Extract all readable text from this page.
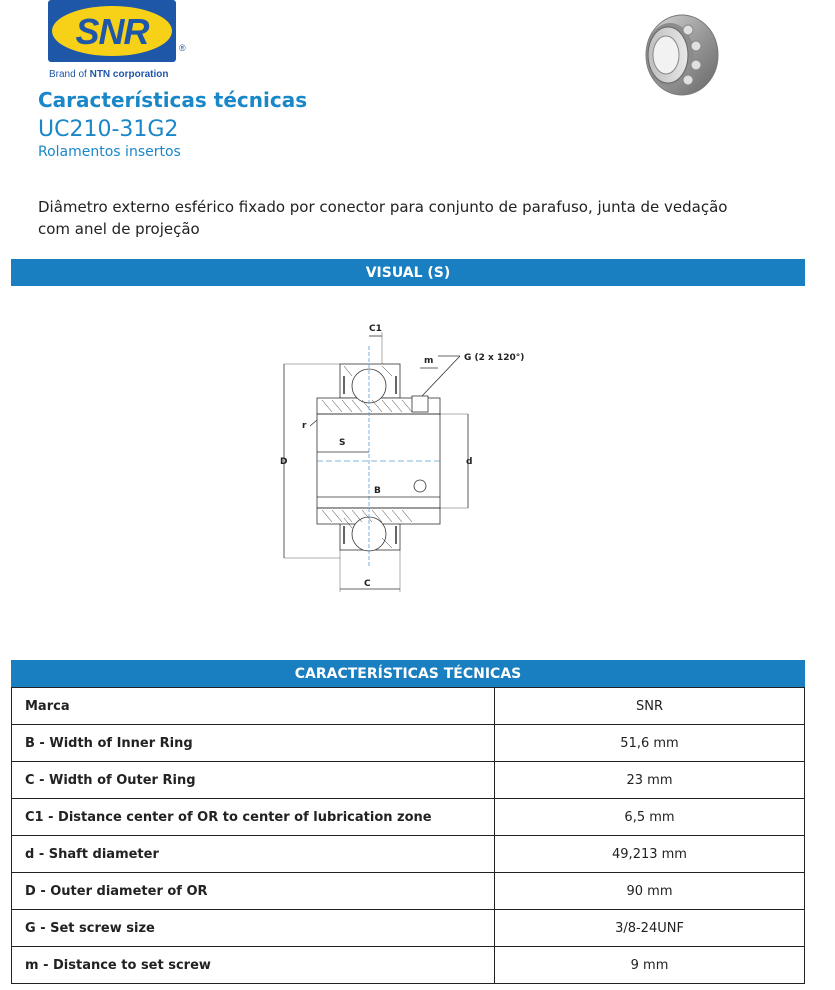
SNR	®
Brand of NTN corporation
Características técnicas
UC210-31G2
Rolamentos insertos
Diâmetro externo esférico fixado por conector para conjunto de parafuso, junta de vedação com anel de projeção
VISUAL (S)
C1
m	G (2 x 120°)
r
S
D	d
B
C
CARACTERÍSTICAS TÉCNICAS
Marca	SNR
B - Width of Inner Ring	51,6 mm
C - Width of Outer Ring	23 mm
C1 - Distance center of OR to center of lubrication zone	6,5 mm
d - Shaft diameter	49,213 mm
D - Outer diameter of OR	90 mm
G - Set screw size	3/8-24UNF
m - Distance to set screw	9 mm
